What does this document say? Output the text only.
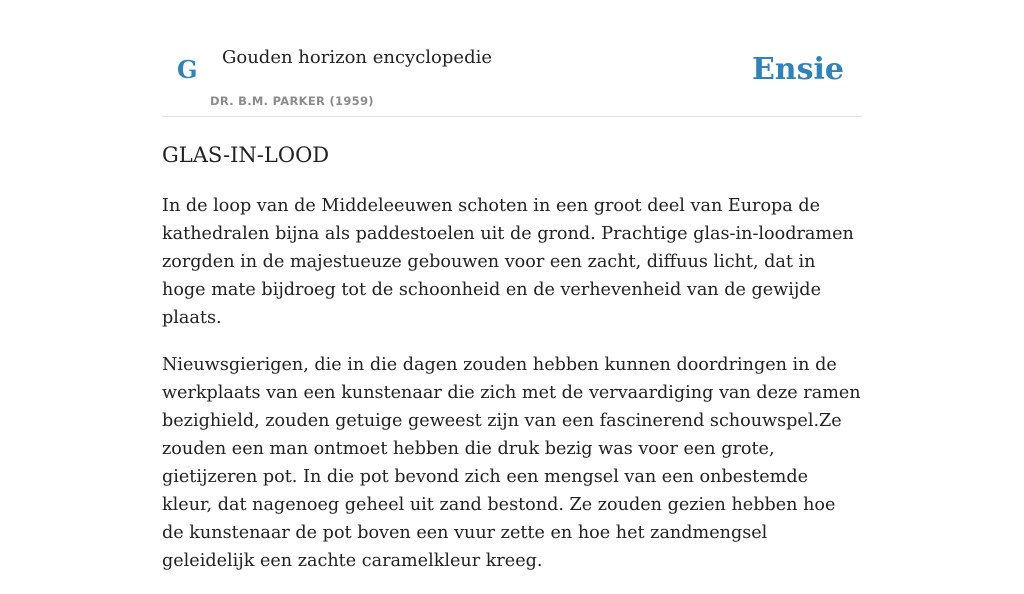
G Gouden horizon encyclopedie
DR. B.M. PARKER (1959)
Ensie
GLAS-IN-LOOD

In de loop van de Middeleeuwen schoten in een groot deel van Europa de kathedralen bijna als paddestoelen uit de grond. Prachtige glas-in-loodramen zorgden in de majestueuze gebouwen voor een zacht, diffuus licht, dat in hoge mate bijdroeg tot de schoonheid en de verhevenheid van de gewijde plaats.

Nieuwsgierigen, die in die dagen zouden hebben kunnen doordringen in de werkplaats van een kunstenaar die zich met de vervaardiging van deze ramen bezighield, zouden getuige geweest zijn van een fascinerend schouwspel.Ze zouden een man ontmoet hebben die druk bezig was voor een grote, gietijzeren pot. In die pot bevond zich een mengsel van een onbestemde kleur, dat nagenoeg geheel uit zand bestond. Ze zouden gezien hebben hoe de kunstenaar de pot boven een vuur zette en hoe het zandmengsel geleidelijk een zachte caramelkleur kreeg.
